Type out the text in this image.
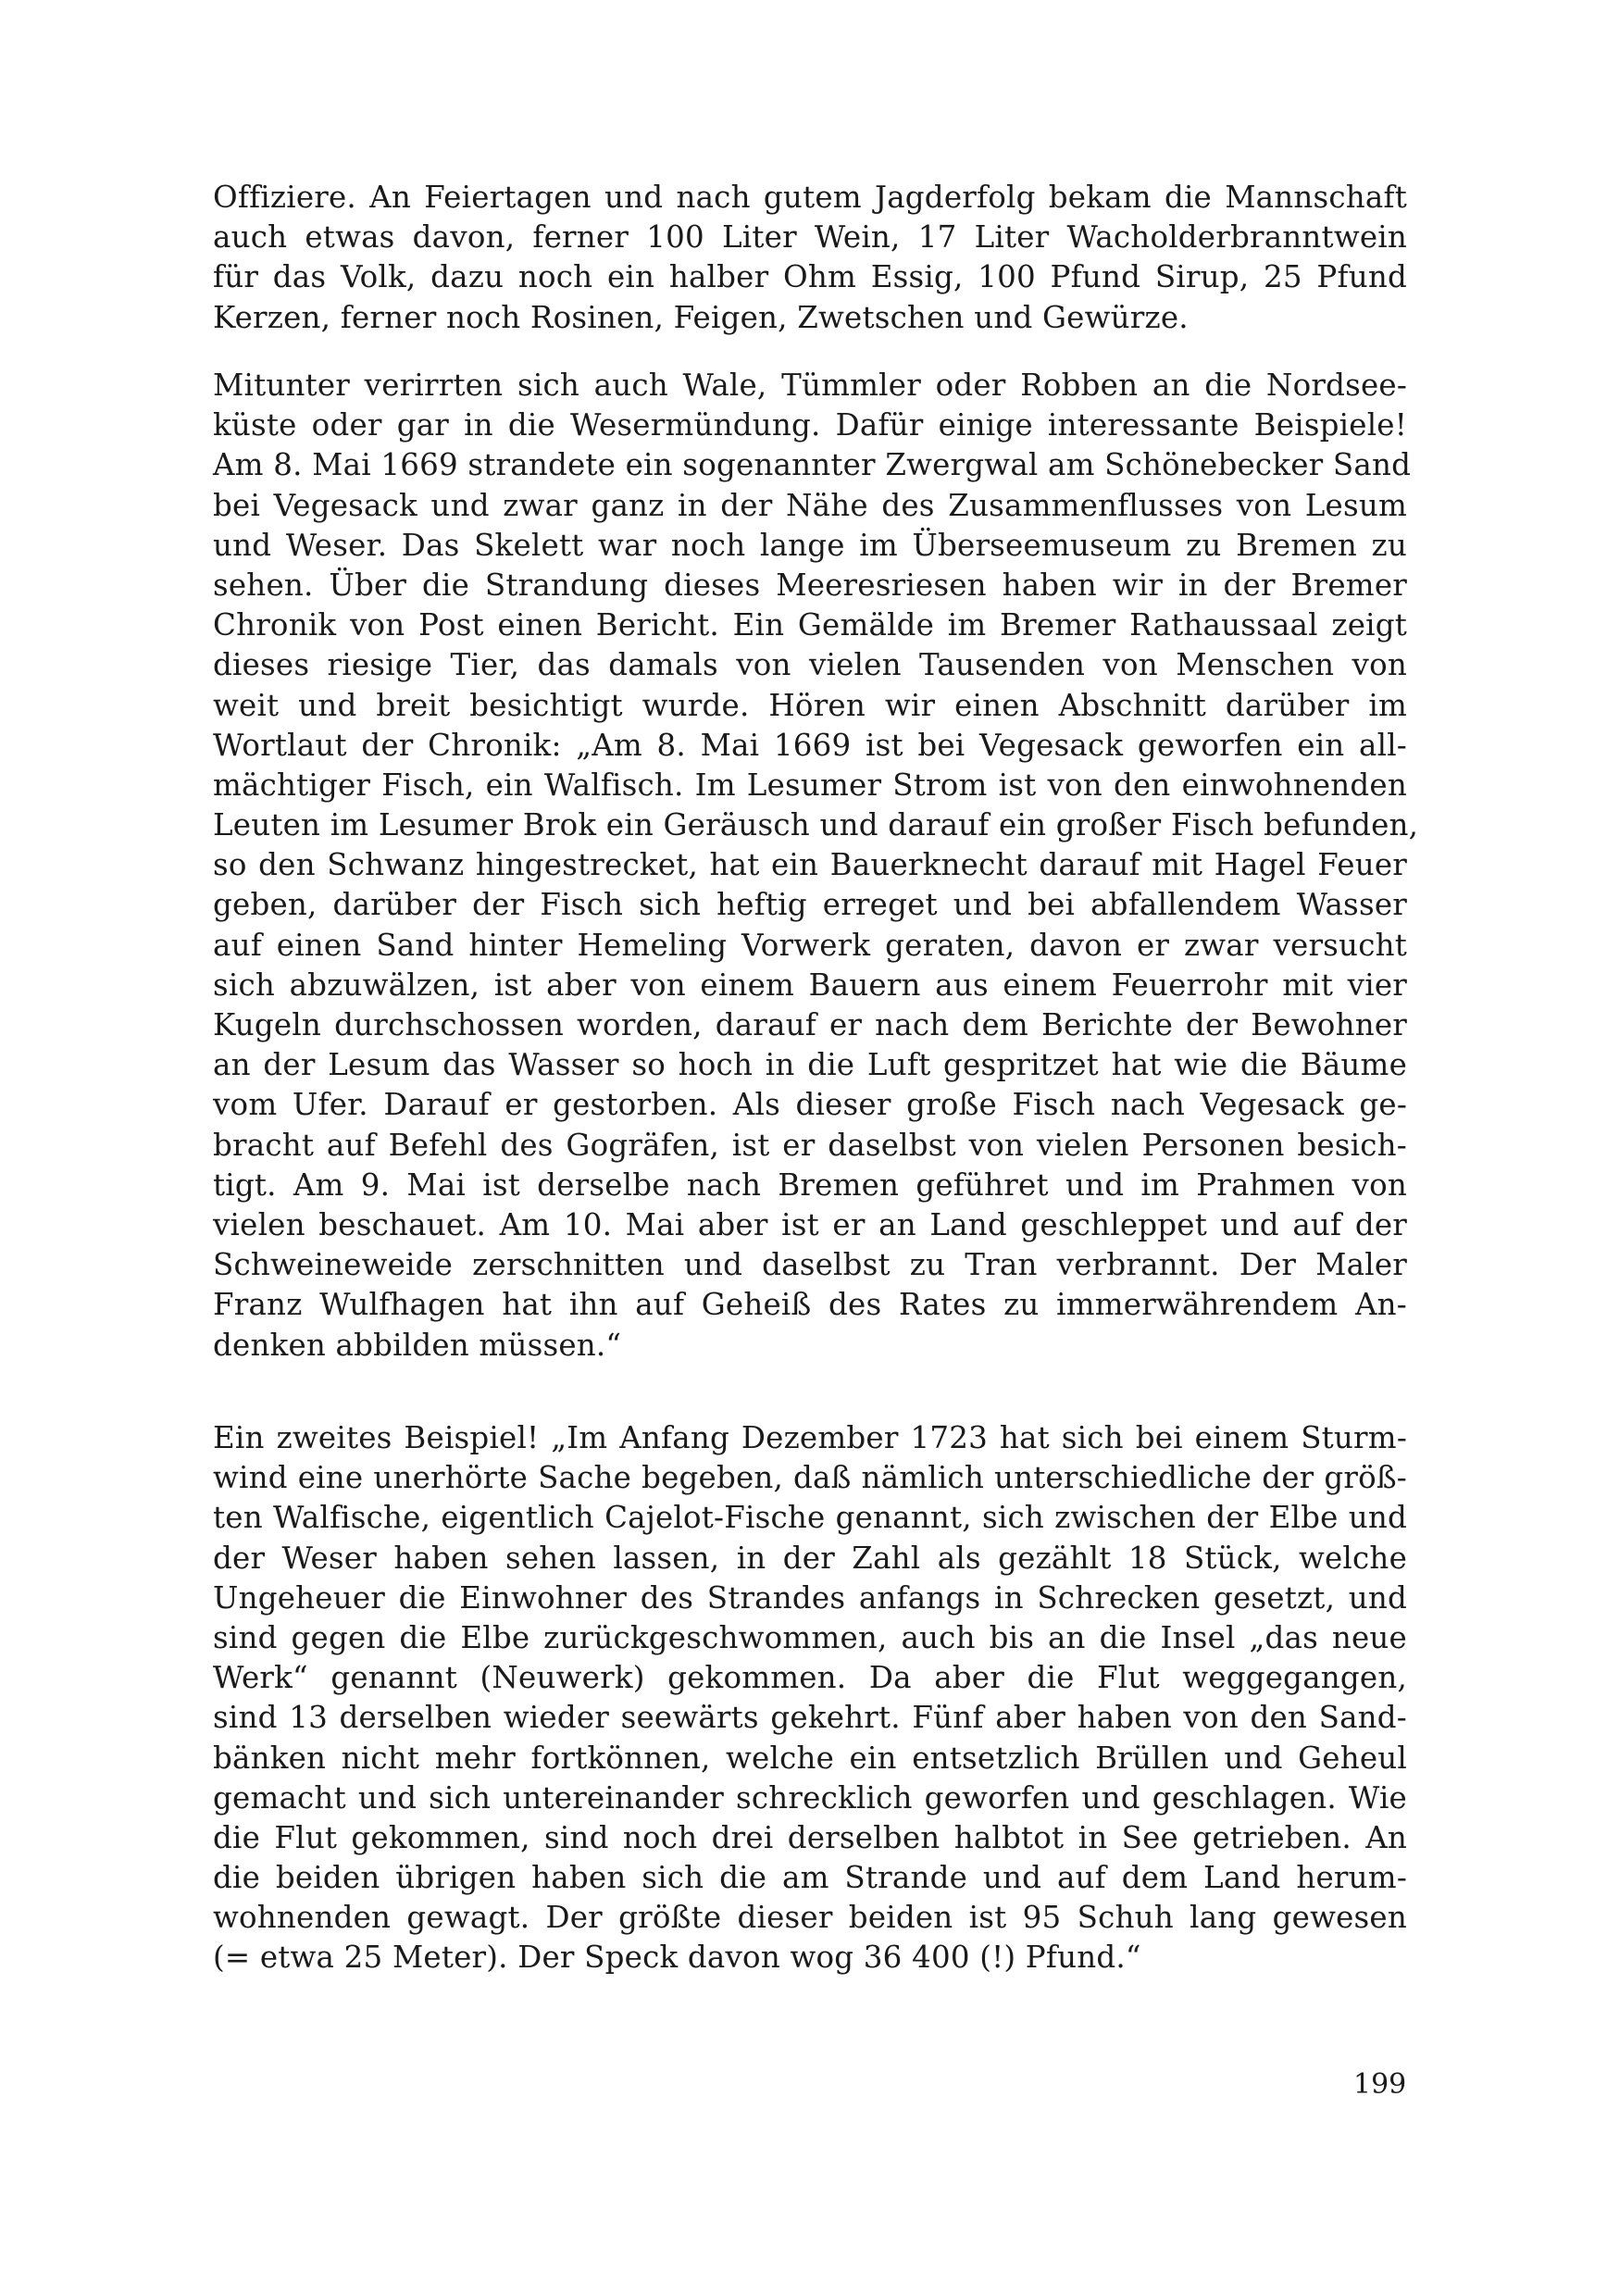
Offiziere. An Feiertagen und nach gutem Jagderfolg bekam die Mannschaft
auch etwas davon, ferner 100 Liter Wein, 17 Liter Wacholderbranntwein
für das Volk, dazu noch ein halber Ohm Essig, 100 Pfund Sirup, 25 Pfund
Kerzen, ferner noch Rosinen, Feigen, Zwetschen und Gewürze.
Mitunter verirrten sich auch Wale, Tümmler oder Robben an die Nordsee-
küste oder gar in die Wesermündung. Dafür einige interessante Beispiele!
Am 8. Mai 1669 strandete ein sogenannter Zwergwal am Schönebecker Sand
bei Vegesack und zwar ganz in der Nähe des Zusammenflusses von Lesum
und Weser. Das Skelett war noch lange im Überseemuseum zu Bremen zu
sehen. Über die Strandung dieses Meeresriesen haben wir in der Bremer
Chronik von Post einen Bericht. Ein Gemälde im Bremer Rathaussaal zeigt
dieses riesige Tier, das damals von vielen Tausenden von Menschen von
weit und breit besichtigt wurde. Hören wir einen Abschnitt darüber im
Wortlaut der Chronik: „Am 8. Mai 1669 ist bei Vegesack geworfen ein all-
mächtiger Fisch, ein Walfisch. Im Lesumer Strom ist von den einwohnenden
Leuten im Lesumer Brok ein Geräusch und darauf ein großer Fisch befunden,
so den Schwanz hingestrecket, hat ein Bauerknecht darauf mit Hagel Feuer
geben, darüber der Fisch sich heftig erreget und bei abfallendem Wasser
auf einen Sand hinter Hemeling Vorwerk geraten, davon er zwar versucht
sich abzuwälzen, ist aber von einem Bauern aus einem Feuerrohr mit vier
Kugeln durchschossen worden, darauf er nach dem Berichte der Bewohner
an der Lesum das Wasser so hoch in die Luft gespritzet hat wie die Bäume
vom Ufer. Darauf er gestorben. Als dieser große Fisch nach Vegesack ge-
bracht auf Befehl des Gogräfen, ist er daselbst von vielen Personen besich-
tigt. Am 9. Mai ist derselbe nach Bremen geführet und im Prahmen von
vielen beschauet. Am 10. Mai aber ist er an Land geschleppet und auf der
Schweineweide zerschnitten und daselbst zu Tran verbrannt. Der Maler
Franz Wulfhagen hat ihn auf Geheiß des Rates zu immerwährendem An-
denken abbilden müssen.“
Ein zweites Beispiel! „Im Anfang Dezember 1723 hat sich bei einem Sturm-
wind eine unerhörte Sache begeben, daß nämlich unterschiedliche der größ-
ten Walfische, eigentlich Cajelot-Fische genannt, sich zwischen der Elbe und
der Weser haben sehen lassen, in der Zahl als gezählt 18 Stück, welche
Ungeheuer die Einwohner des Strandes anfangs in Schrecken gesetzt, und
sind gegen die Elbe zurückgeschwommen, auch bis an die Insel „das neue
Werk“ genannt (Neuwerk) gekommen. Da aber die Flut weggegangen,
sind 13 derselben wieder seewärts gekehrt. Fünf aber haben von den Sand-
bänken nicht mehr fortkönnen, welche ein entsetzlich Brüllen und Geheul
gemacht und sich untereinander schrecklich geworfen und geschlagen. Wie
die Flut gekommen, sind noch drei derselben halbtot in See getrieben. An
die beiden übrigen haben sich die am Strande und auf dem Land herum-
wohnenden gewagt. Der größte dieser beiden ist 95 Schuh lang gewesen
(= etwa 25 Meter). Der Speck davon wog 36 400 (!) Pfund.“
199
